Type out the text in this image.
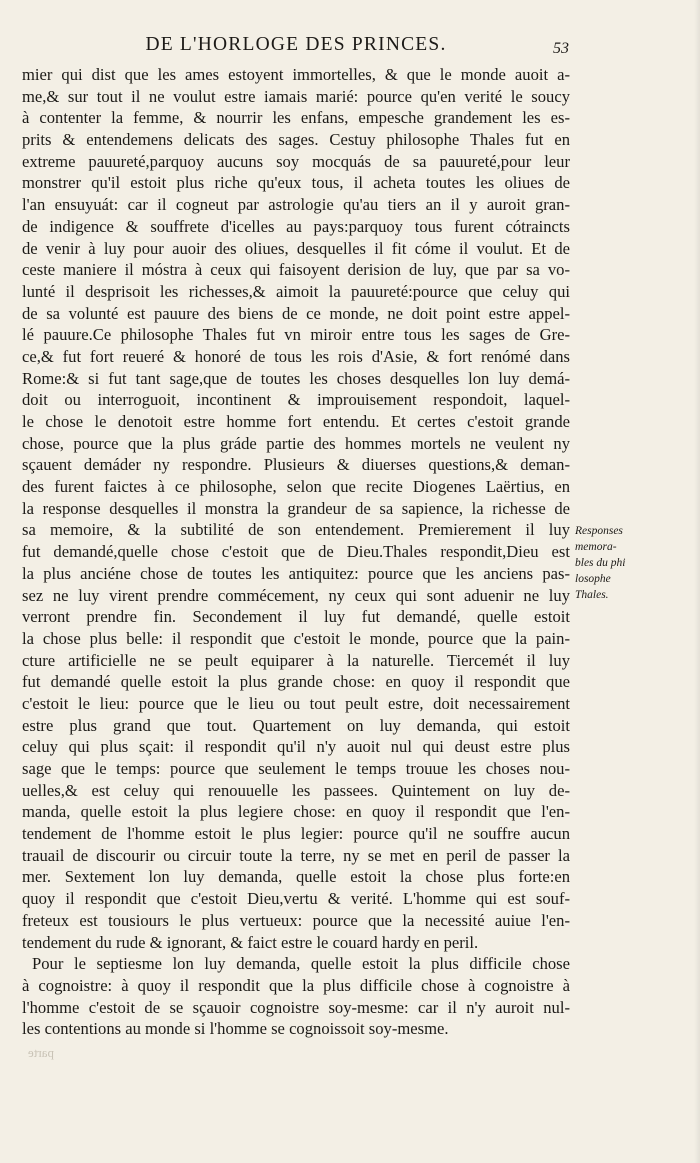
DE L'HORLOGE DES PRINCES.	53
mier qui dist que les ames estoyent immortelles, & que le monde auoit a-
me,& sur tout il ne voulut estre iamais marié: pource qu'en verité le soucy
à contenter la femme, & nourrir les enfans, empesche grandement les es-
prits & entendemens delicats des sages. Cestuy philosophe Thales fut en
extreme pauureté,parquoy aucuns soy mocquás de sa pauureté,pour leur
monstrer qu'il estoit plus riche qu'eux tous, il acheta toutes les oliues de
l'an ensuyuát: car il cogneut par astrologie qu'au tiers an il y auroit gran-
de indigence & souffrete d'icelles au pays:parquoy tous furent cótraincts
de venir à luy pour auoir des oliues, desquelles il fit cóme il voulut. Et de
ceste maniere il móstra à ceux qui faisoyent derision de luy, que par sa vo-
lunté il desprisoit les richesses,& aimoit la pauureté:pource que celuy qui
de sa volunté est pauure des biens de ce monde, ne doit point estre appel-
lé pauure.Ce philosophe Thales fut vn miroir entre tous les sages de Gre-
ce,& fut fort reueré & honoré de tous les rois d'Asie, & fort renómé dans
Rome:& si fut tant sage,que de toutes les choses desquelles lon luy demá-
doit ou interroguoit, incontinent & improuisement respondoit, laquel-
le chose le denotoit estre homme fort entendu. Et certes c'estoit grande
chose, pource que la plus gráde partie des hommes mortels ne veulent ny
sçauent demáder ny respondre. Plusieurs & diuerses questions,& deman-
des furent faictes à ce philosophe, selon que recite Diogenes Laërtius, en
la response desquelles il monstra la grandeur de sa sapience, la richesse de
sa memoire, & la subtilité de son entendement. Premierement il luy
fut demandé,quelle chose c'estoit que de Dieu.Thales respondit,Dieu est
la plus anciéne chose de toutes les antiquitez: pource que les anciens pas-
sez ne luy virent prendre commécement, ny ceux qui sont aduenir ne luy
verront prendre fin. Secondement il luy fut demandé, quelle estoit
la chose plus belle: il respondit que c'estoit le monde, pource que la pain-
cture artificielle ne se peult equiparer à la naturelle. Tiercemét il luy
fut demandé quelle estoit la plus grande chose: en quoy il respondit que
c'estoit le lieu: pource que le lieu ou tout peult estre, doit necessairement
estre plus grand que tout. Quartement on luy demanda, qui estoit
celuy qui plus sçait: il respondit qu'il n'y auoit nul qui deust estre plus
sage que le temps: pource que seulement le temps trouue les choses nou-
uelles,& est celuy qui renouuelle les passees. Quintement on luy de-
manda, quelle estoit la plus legiere chose: en quoy il respondit que l'en-
tendement de l'homme estoit le plus legier: pource qu'il ne souffre aucun
trauail de discourir ou circuir toute la terre, ny se met en peril de passer la
mer. Sextement lon luy demanda, quelle estoit la chose plus forte:en
quoy il respondit que c'estoit Dieu,vertu & verité. L'homme qui est souf-
freteux est tousiours le plus vertueux: pource que la necessité auiue l'en-
tendement du rude & ignorant, & faict estre le couard hardy en peril.
Pour le septiesme lon luy demanda, quelle estoit la plus difficile chose
à cognoistre: à quoy il respondit que la plus difficile chose à cognoistre à
l'homme c'estoit de se sçauoir cognoistre soy-mesme: car il n'y auroit nul-
les contentions au monde si l'homme se cognoissoit soy-mesme.
Responses
memora-
bles du phi
losophe
Thales.
parte
